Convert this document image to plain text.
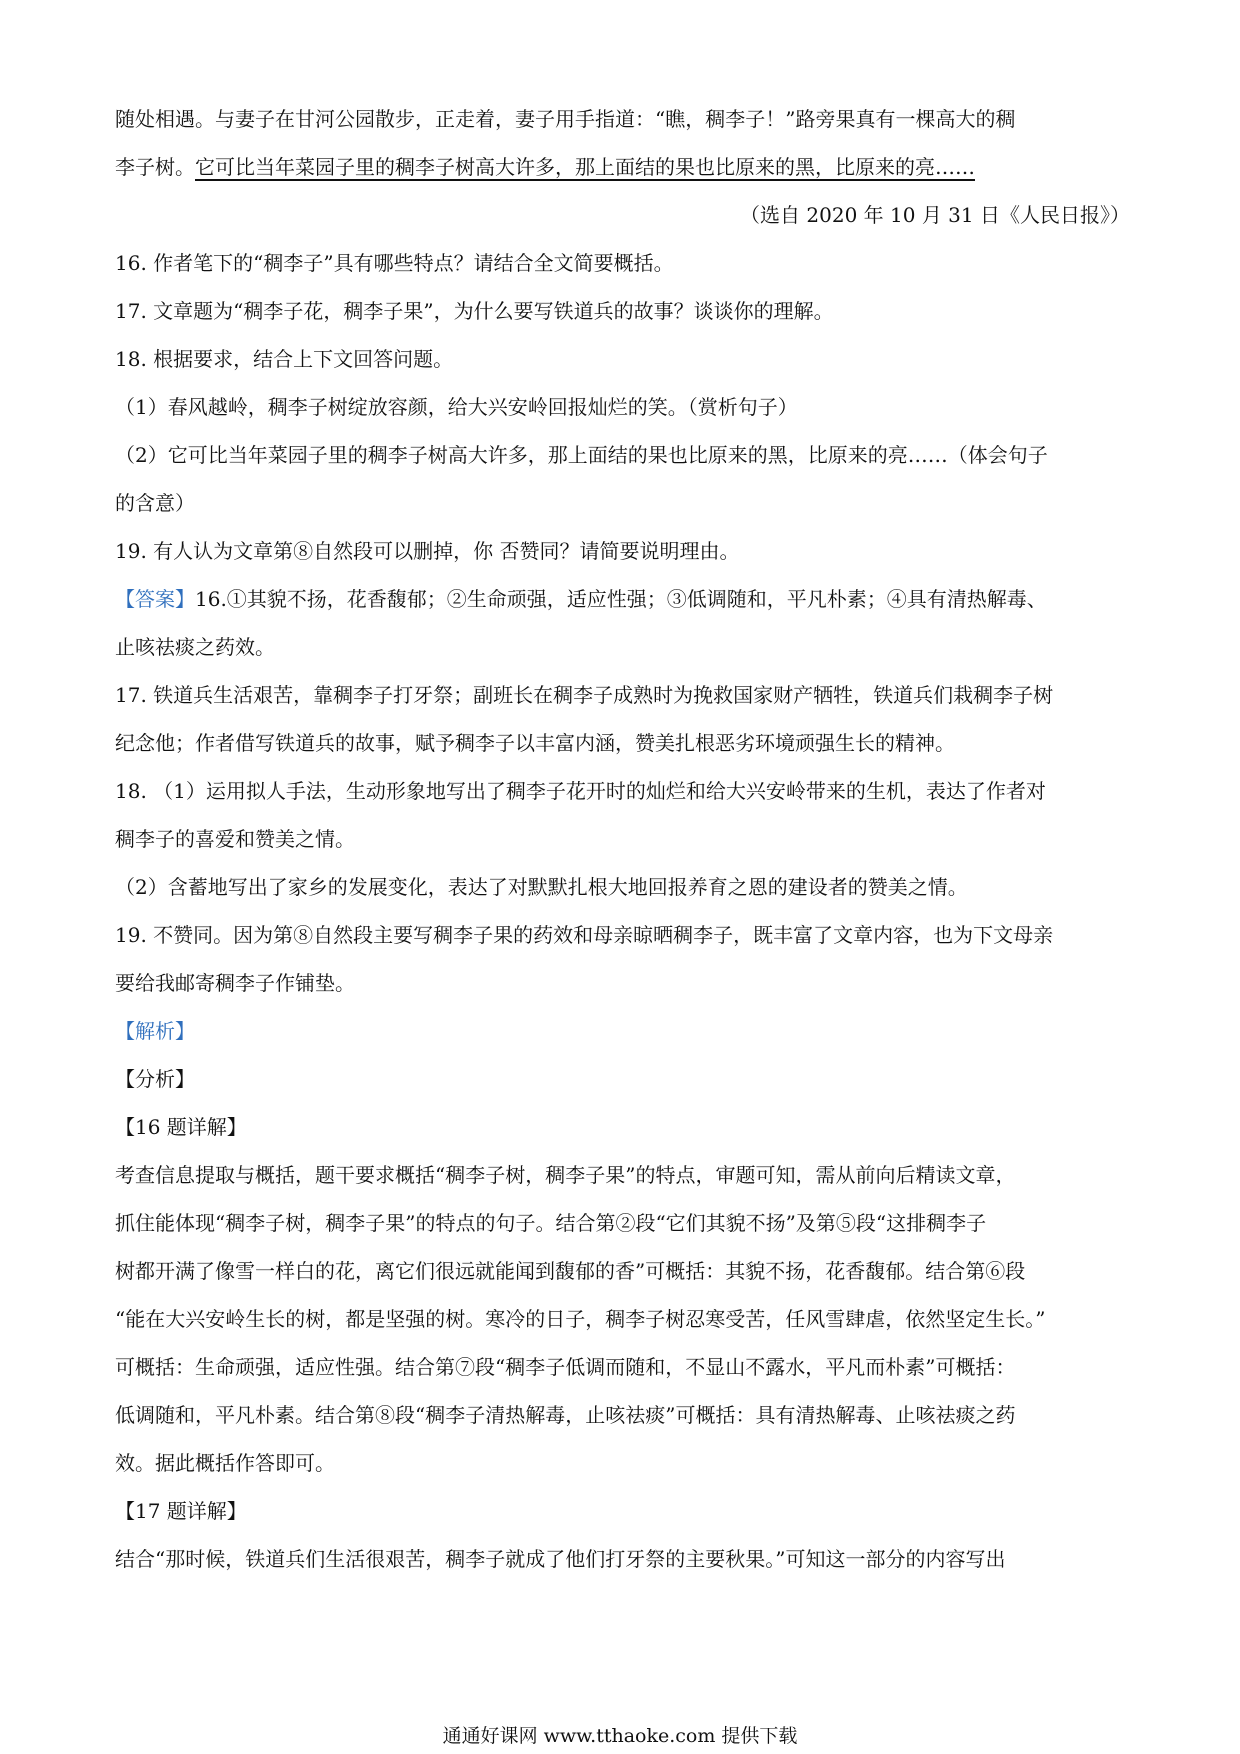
随处相遇。与妻子在甘河公园散步，正走着，妻子用手指道：“瞧，稠李子！”路旁果真有一棵高大的稠
李子树。它可比当年菜园子里的稠李子树高大许多，那上面结的果也比原来的黑，比原来的亮……
（选自 2020 年 10 月 31 日《人民日报》）
16. 作者笔下的“稠李子”具有哪些特点？请结合全文简要概括。
17. 文章题为“稠李子花，稠李子果”，为什么要写铁道兵的故事？谈谈你的理解。
18. 根据要求，结合上下文回答问题。
（1）春风越岭，稠李子树绽放容颜，给大兴安岭回报灿烂的笑。（赏析句子）
（2）它可比当年菜园子里的稠李子树高大许多，那上面结的果也比原来的黑，比原来的亮……（体会句子
的含意）
19. 有人认为文章第⑧自然段可以删掉，你 否赞同？请简要说明理由。
【答案】16.①其貌不扬，花香馥郁；②生命顽强，适应性强；③低调随和，平凡朴素；④具有清热解毒、
止咳祛痰之药效。
17. 铁道兵生活艰苦，靠稠李子打牙祭；副班长在稠李子成熟时为挽救国家财产牺牲，铁道兵们栽稠李子树
纪念他；作者借写铁道兵的故事，赋予稠李子以丰富内涵，赞美扎根恶劣环境顽强生长的精神。
18. （1）运用拟人手法，生动形象地写出了稠李子花开时的灿烂和给大兴安岭带来的生机，表达了作者对
稠李子的喜爱和赞美之情。
（2）含蓄地写出了家乡的发展变化，表达了对默默扎根大地回报养育之恩的建设者的赞美之情。
19. 不赞同。因为第⑧自然段主要写稠李子果的药效和母亲晾晒稠李子，既丰富了文章内容，也为下文母亲
要给我邮寄稠李子作铺垫。
【解析】
【分析】
【16 题详解】
考查信息提取与概括，题干要求概括“稠李子树，稠李子果”的特点，审题可知，需从前向后精读文章，
抓住能体现“稠李子树，稠李子果”的特点的句子。结合第②段“它们其貌不扬”及第⑤段“这排稠李子
树都开满了像雪一样白的花，离它们很远就能闻到馥郁的香”可概括：其貌不扬，花香馥郁。结合第⑥段
“能在大兴安岭生长的树，都是坚强的树。寒冷的日子，稠李子树忍寒受苦，任风雪肆虐，依然坚定生长。”
可概括：生命顽强，适应性强。结合第⑦段“稠李子低调而随和，不显山不露水，平凡而朴素”可概括：
低调随和，平凡朴素。结合第⑧段“稠李子清热解毒，止咳祛痰”可概括：具有清热解毒、止咳祛痰之药
效。据此概括作答即可。
【17 题详解】
结合“那时候，铁道兵们生活很艰苦，稠李子就成了他们打牙祭的主要秋果。”可知这一部分的内容写出
通通好课网 www.tthaoke.com 提供下载
